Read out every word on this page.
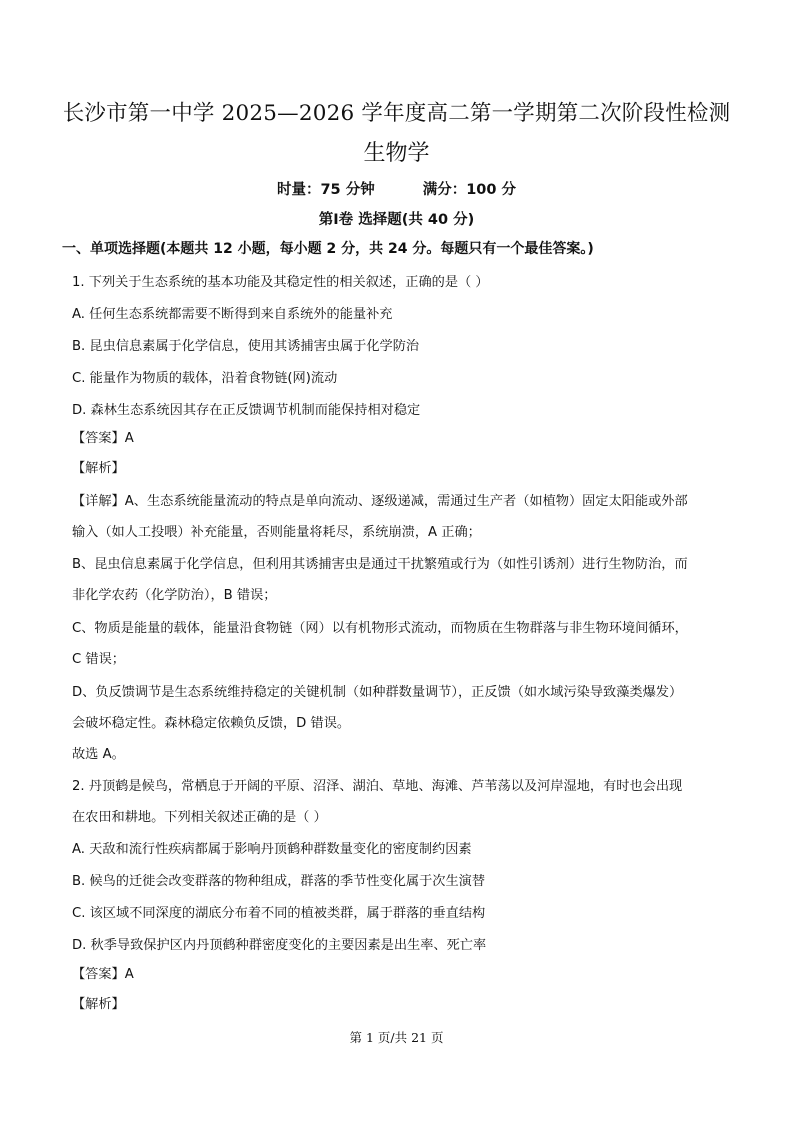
长沙市第一中学 2025—2026 学年度高二第一学期第二次阶段性检测
生物学
时量：75 分钟	满分：100 分
第Ⅰ卷 选择题(共 40 分)
一、单项选择题(本题共 12 小题，每小题 2 分，共 24 分。每题只有一个最佳答案。)
1. 下列关于生态系统的基本功能及其稳定性的相关叙述，正确的是（ ）
A. 任何生态系统都需要不断得到来自系统外的能量补充
B. 昆虫信息素属于化学信息，使用其诱捕害虫属于化学防治
C. 能量作为物质的载体，沿着食物链(网)流动
D. 森林生态系统因其存在正反馈调节机制而能保持相对稳定
【答案】A
【解析】
【详解】A、生态系统能量流动的特点是单向流动、逐级递减，需通过生产者（如植物）固定太阳能或外部
输入（如人工投喂）补充能量，否则能量将耗尽，系统崩溃，A 正确；
B、昆虫信息素属于化学信息，但利用其诱捕害虫是通过干扰繁殖或行为（如性引诱剂）进行生物防治，而
非化学农药（化学防治），B 错误；
C、物质是能量的载体，能量沿食物链（网）以有机物形式流动，而物质在生物群落与非生物环境间循环，
C 错误；
D、负反馈调节是生态系统维持稳定的关键机制（如种群数量调节），正反馈（如水域污染导致藻类爆发）
会破坏稳定性。森林稳定依赖负反馈，D 错误。
故选 A。
2. 丹顶鹤是候鸟，常栖息于开阔的平原、沼泽、湖泊、草地、海滩、芦苇荡以及河岸湿地，有时也会出现
在农田和耕地。下列相关叙述正确的是（ ）
A. 天敌和流行性疾病都属于影响丹顶鹤种群数量变化的密度制约因素
B. 候鸟的迁徙会改变群落的物种组成，群落的季节性变化属于次生演替
C. 该区域不同深度的湖底分布着不同的植被类群，属于群落的垂直结构
D. 秋季导致保护区内丹顶鹤种群密度变化的主要因素是出生率、死亡率
【答案】A
【解析】
第 1 页/共 21 页
